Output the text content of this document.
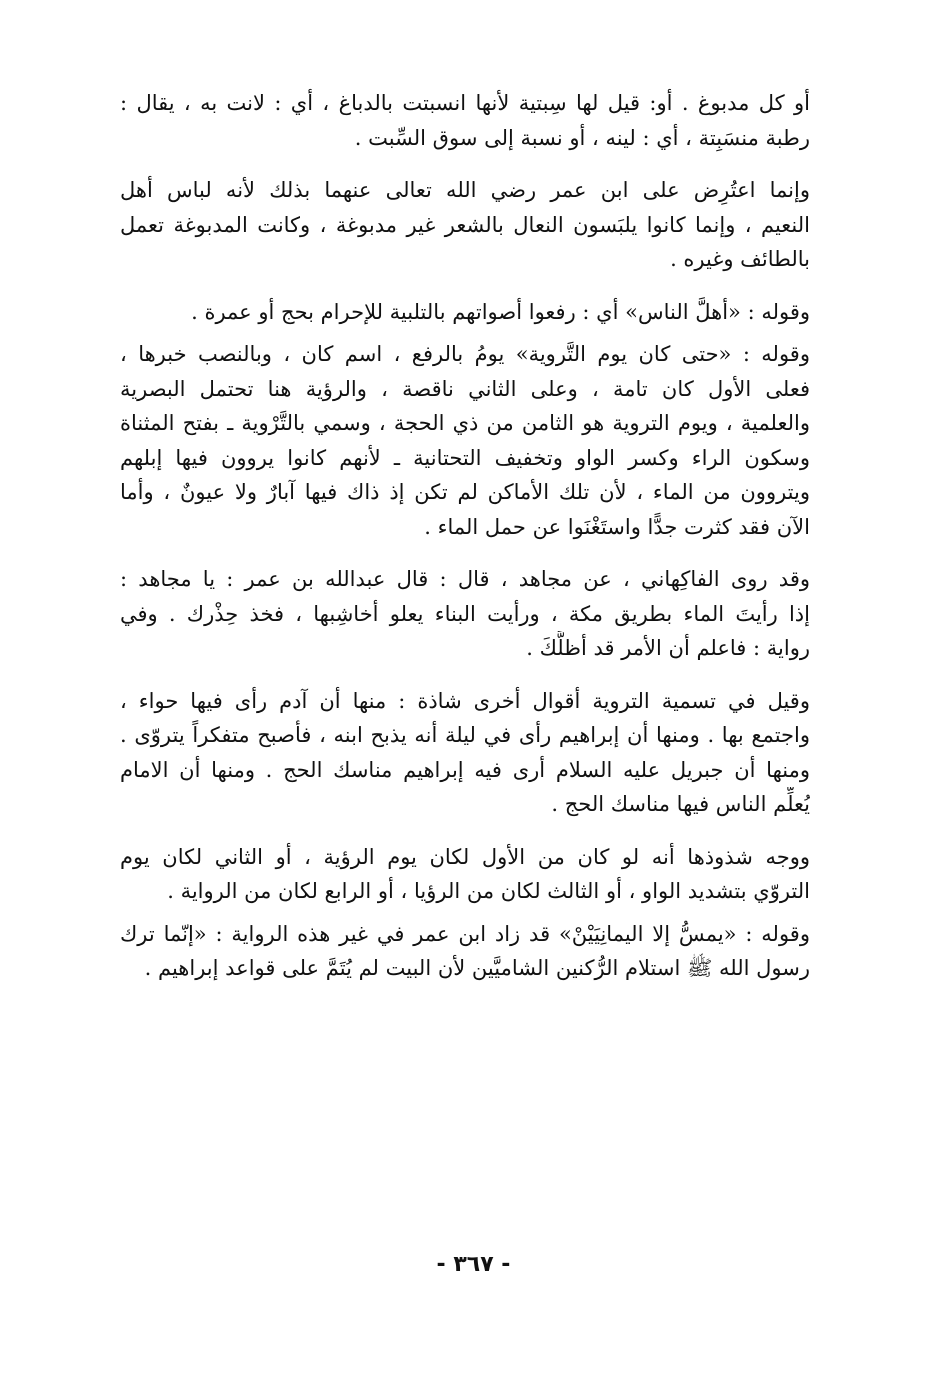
أو كل مدبوغ . أو: قيل لها سِبتية لأنها انسبتت بالدباغ ، أي : لانت به ، يقال :
رطبة منسَبِتة ، أي : لينه ، أو نسبة إلى سوق السِّبت .

وإنما اعتُرِض على ابن عمر رضي الله تعالى عنهما بذلك لأنه لباس أهل
النعيم ، وإنما كانوا يلبَسون النعال بالشعر غير مدبوغة ، وكانت المدبوغة تعمل
بالطائف وغيره .

وقوله : «أهلَّ الناس» أي : رفعوا أصواتهم بالتلبية للإحرام بحج أو عمرة .

وقوله : «حتى كان يوم التَّروية» يومُ بالرفع ، اسم كان ، وبالنصب خبرها ،
فعلى الأول كان تامة ، وعلى الثاني ناقصة ، والرؤية هنا تحتمل البصرية
والعلمية ، ويوم التروية هو الثامن من ذي الحجة ، وسمي بالتَّرْوية ـ بفتح المثناة
وسكون الراء وكسر الواو وتخفيف التحتانية ـ لأنهم كانوا يروون فيها إبلهم
ويتروون من الماء ، لأن تلك الأماكن لم تكن إذ ذاك فيها آبارٌ ولا عيونٌ ، وأما
الآن فقد كثرت جدًّا واستَغْنَوا عن حمل الماء .

وقد روى الفاكِهاني ، عن مجاهد ، قال : قال عبدالله بن عمر : يا مجاهد :
إذا رأيتَ الماء بطريق مكة ، ورأيت البناء يعلو أخاشِبها ، فخذ حِذْرك . وفي
رواية : فاعلم أن الأمر قد أظلَّكَ .

وقيل في تسمية التروية أقوال أخرى شاذة : منها أن آدم رأى فيها حواء ،
واجتمع بها . ومنها أن إبراهيم رأى في ليلة أنه يذبح ابنه ، فأصبح متفكراً يتروّى .
ومنها أن جبريل عليه السلام أرى فيه إبراهيم مناسك الحج . ومنها أن الامام
يُعلِّم الناس فيها مناسك الحج .

ووجه شذوذها أنه لو كان من الأول لكان يوم الرؤية ، أو الثاني لكان يوم
التروّي بتشديد الواو ، أو الثالث لكان من الرؤيا ، أو الرابع لكان من الرواية .

وقوله : «يمسُّ إلا اليمانِيَيْنْ» قد زاد ابن عمر في غير هذه الرواية : «إنّما ترك
رسول الله ﷺ استلام الرُّكنين الشاميَّين لأن البيت لم يُتَمَّ على قواعد إبراهيم .

- ٣٦٧ -
